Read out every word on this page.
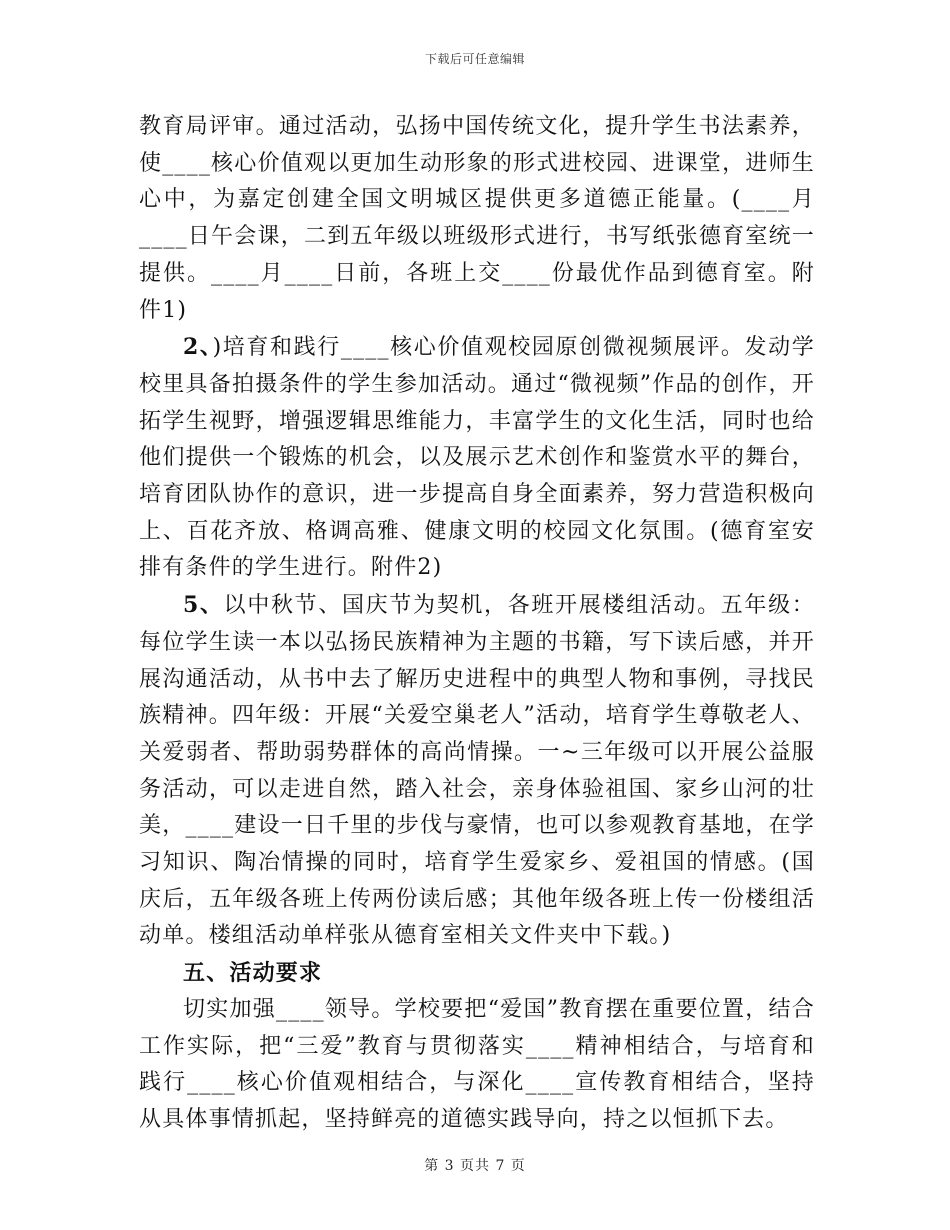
下载后可任意编辑

教育局评审。通过活动，弘扬中国传统文化，提升学生书法素养，使____核心价值观以更加生动形象的形式进校园、进课堂，进师生心中，为嘉定创建全国文明城区提供更多道德正能量。(____月____日午会课，二到五年级以班级形式进行，书写纸张德育室统一提供。____月____日前，各班上交____份最优作品到德育室。附件1)

2、)培育和践行____核心价值观校园原创微视频展评。发动学校里具备拍摄条件的学生参加活动。通过“微视频”作品的创作，开拓学生视野，增强逻辑思维能力，丰富学生的文化生活，同时也给他们提供一个锻炼的机会，以及展示艺术创作和鉴赏水平的舞台，培育团队协作的意识，进一步提高自身全面素养，努力营造积极向上、百花齐放、格调高雅、健康文明的校园文化氛围。(德育室安排有条件的学生进行。附件2)

5、以中秋节、国庆节为契机，各班开展楼组活动。五年级：每位学生读一本以弘扬民族精神为主题的书籍，写下读后感，并开展沟通活动，从书中去了解历史进程中的典型人物和事例，寻找民族精神。四年级：开展“关爱空巢老人”活动，培育学生尊敬老人、关爱弱者、帮助弱势群体的高尚情操。一~三年级可以开展公益服务活动，可以走进自然，踏入社会，亲身体验祖国、家乡山河的壮美，____建设一日千里的步伐与豪情，也可以参观教育基地，在学习知识、陶冶情操的同时，培育学生爱家乡、爱祖国的情感。(国庆后，五年级各班上传两份读后感；其他年级各班上传一份楼组活动单。楼组活动单样张从德育室相关文件夹中下载。)

五、活动要求

切实加强____领导。学校要把“爱国”教育摆在重要位置，结合工作实际，把“三爱”教育与贯彻落实____精神相结合，与培育和践行____核心价值观相结合，与深化____宣传教育相结合，坚持从具体事情抓起，坚持鲜亮的道德实践导向，持之以恒抓下去。

第 3 页共 7 页
